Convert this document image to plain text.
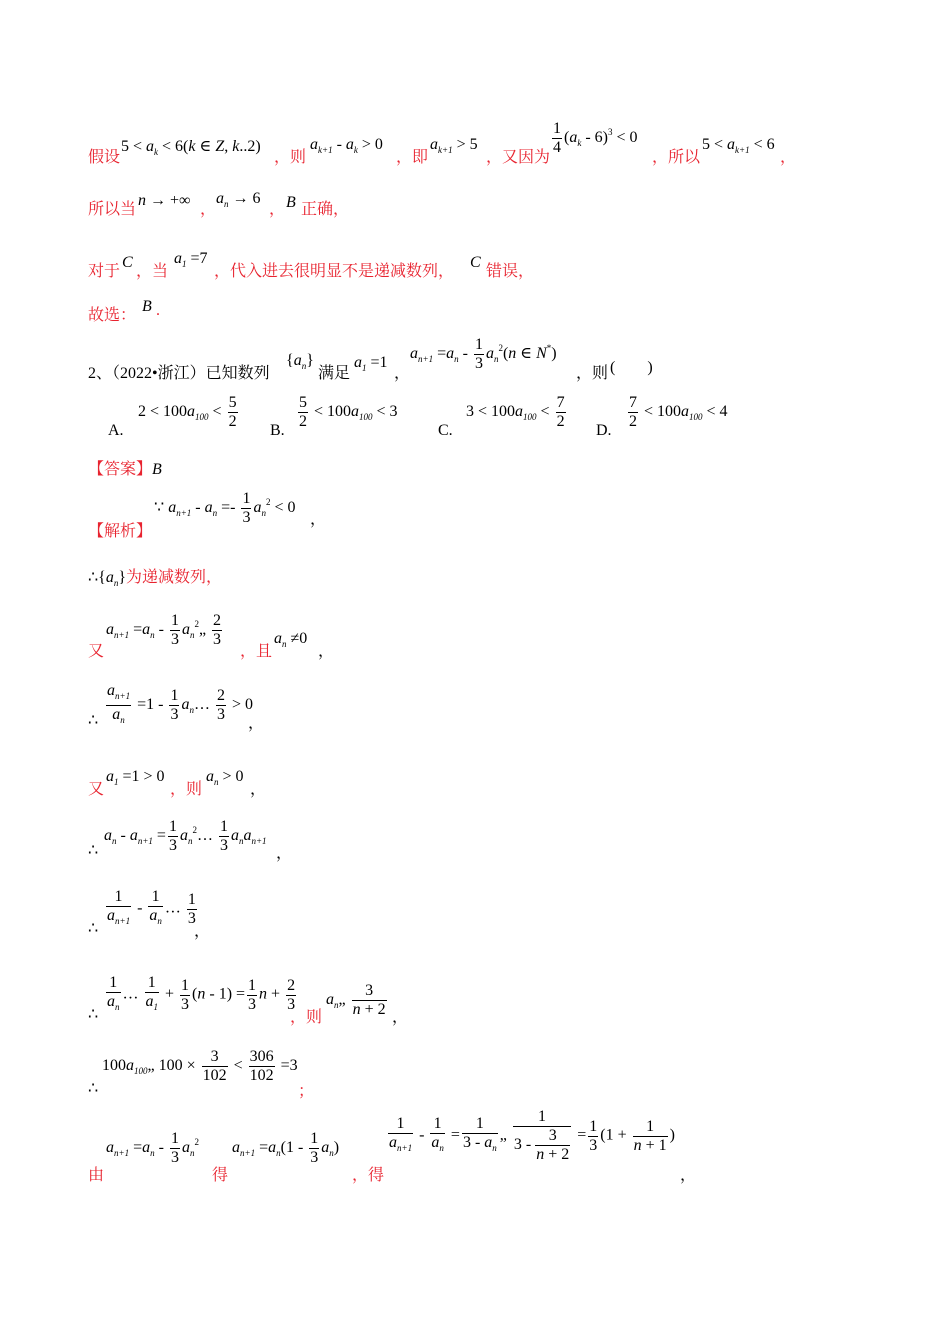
假设
$5 < a_k < 6(k$ ∈ Z, k..2)
，则
$a_{k+1} - a_k > 0$
，即
$a_{k+1} > 5$
，又因为
$\frac{1}{4} (a_k - 6)^3 < 0$
，所以
$5 < a_{k+1} < 6$
，
所以当
n → +∞
，
$a_n \to 6$
， B 正确，
对于
C
，当
$a_1 =7$
，代入进去很明显不是递减数列，
C
错误，
故选：
B .
2、（2022•浙江）已知数列
$\{a_n\}$
满足
$a_1 =1$
，
$a_{n+1} =a_n - \frac{1}{3} a_n^2(n$ ∈ N*)
，则 (　　)
$2 < 100a_{100} < \frac{5}{2}$
A.	$\frac{5}{2} < 100a_{100} < 3$
B.
$3 < 100a_{100} < \frac{7}{2}$
C.	$\frac{7}{2} < 100a_{100} < 4$
D.
【答案】B
【解析】
∵ $a_{n+1} - a_n =- \frac{1}{3} a_n^2 < 0$
，
$\therefore\{a_n\}$为递减数列，
又
$a_{n+1} =a_n - \frac{1}{3}$ $a_n^2„ \frac{2}{3}$
，且
$a_n \ne 0$
，
∴ $\frac{a_{n+1}}{a_n} =1 - \frac{1}{3}$ $a_n\dots \frac{2}{3} > 0$
，
又
$a_1 =1 > 0$
，则
$a_n > 0$
，
∴
$a_n - a_{n+1} = \frac{1}{3}$ $a_n^2\dots \frac{1}{3} a_na_{n+1}$
，
∴ $\frac{1}{a_{n+1}} - \frac{1}{a_n}$ … $\frac{1}{3}$
，
∴ $\frac{1}{a_n}$ … $\frac{1}{a_1} + \frac{1}{3} (n - 1) = \frac{1}{3}$ $n + \frac{2}{3}$
，则
$a_n„ \frac{3}{n + 2}$ ，
∴
$100a_{100}„$ $100 \times \frac{3}{102} < \frac{306}{102} =3$
；
由
$a_{n+1} =a_n - \frac{1}{3} a_n^2$
得
$a_{n+1} =a_n(1 - \frac{1}{3} a_n)$
，得
$\frac{1}{a_{n+1}} - \frac{1}{a_n} = \frac{1}{3 - a_n}$ „ $\frac{1}{3 - \frac{3}{n + 2}} = \frac{1}{3} (1 + \frac{1}{n + 1}$ )
，
